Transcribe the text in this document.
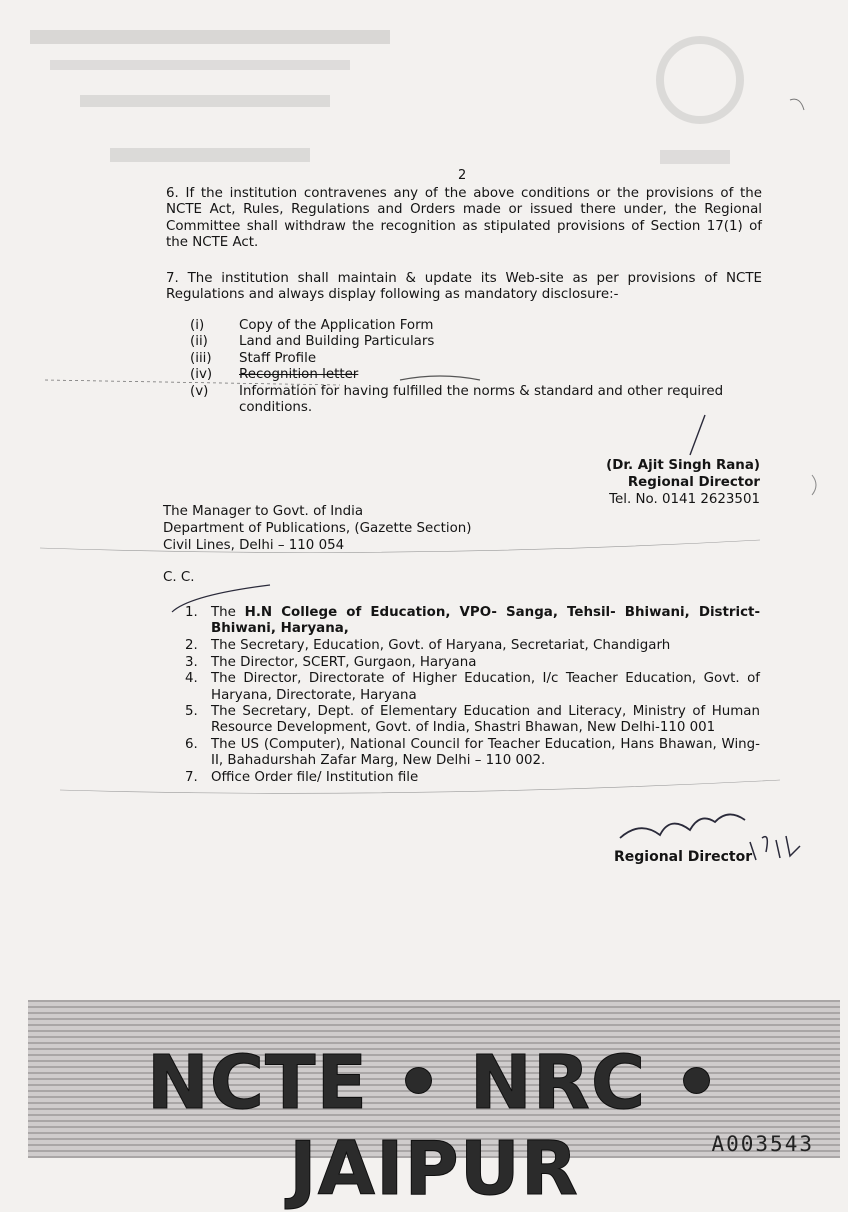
2

6. If the institution contravenes any of the above conditions or the provisions of the NCTE Act, Rules, Regulations and Orders made or issued there under, the Regional Committee shall withdraw the recognition as stipulated provisions of Section 17(1) of the NCTE Act.

7. The institution shall maintain & update its Web-site as per provisions of NCTE Regulations and always display following as mandatory disclosure:-

(i)	Copy of the Application Form
(ii)	Land and Building Particulars
(iii)	Staff Profile
(iv)	Recognition letter
(v)	Information for having fulfilled the norms & standard and other required conditions.
(Dr. Ajit Singh Rana)
Regional Director
Tel. No. 0141 2623501
The Manager to Govt. of India
Department of Publications, (Gazette Section)
Civil Lines, Delhi – 110 054
C. C.
1. The H.N College of Education, VPO- Sanga, Tehsil- Bhiwani, District- Bhiwani, Haryana,
2. The Secretary, Education, Govt. of Haryana, Secretariat, Chandigarh
3. The Director, SCERT, Gurgaon, Haryana
4. The Director, Directorate of Higher Education, I/c Teacher Education, Govt. of Haryana, Directorate, Haryana
5. The Secretary, Dept. of Elementary Education and Literacy, Ministry of Human Resource Development, Govt. of India, Shastri Bhawan, New Delhi-110 001
6. The US (Computer), National Council for Teacher Education, Hans Bhawan, Wing-II, Bahadurshah Zafar Marg, New Delhi – 110 002.
7. Office Order file/ Institution file
Regional Director
NCTE • NRC • JAIPUR	A003543
